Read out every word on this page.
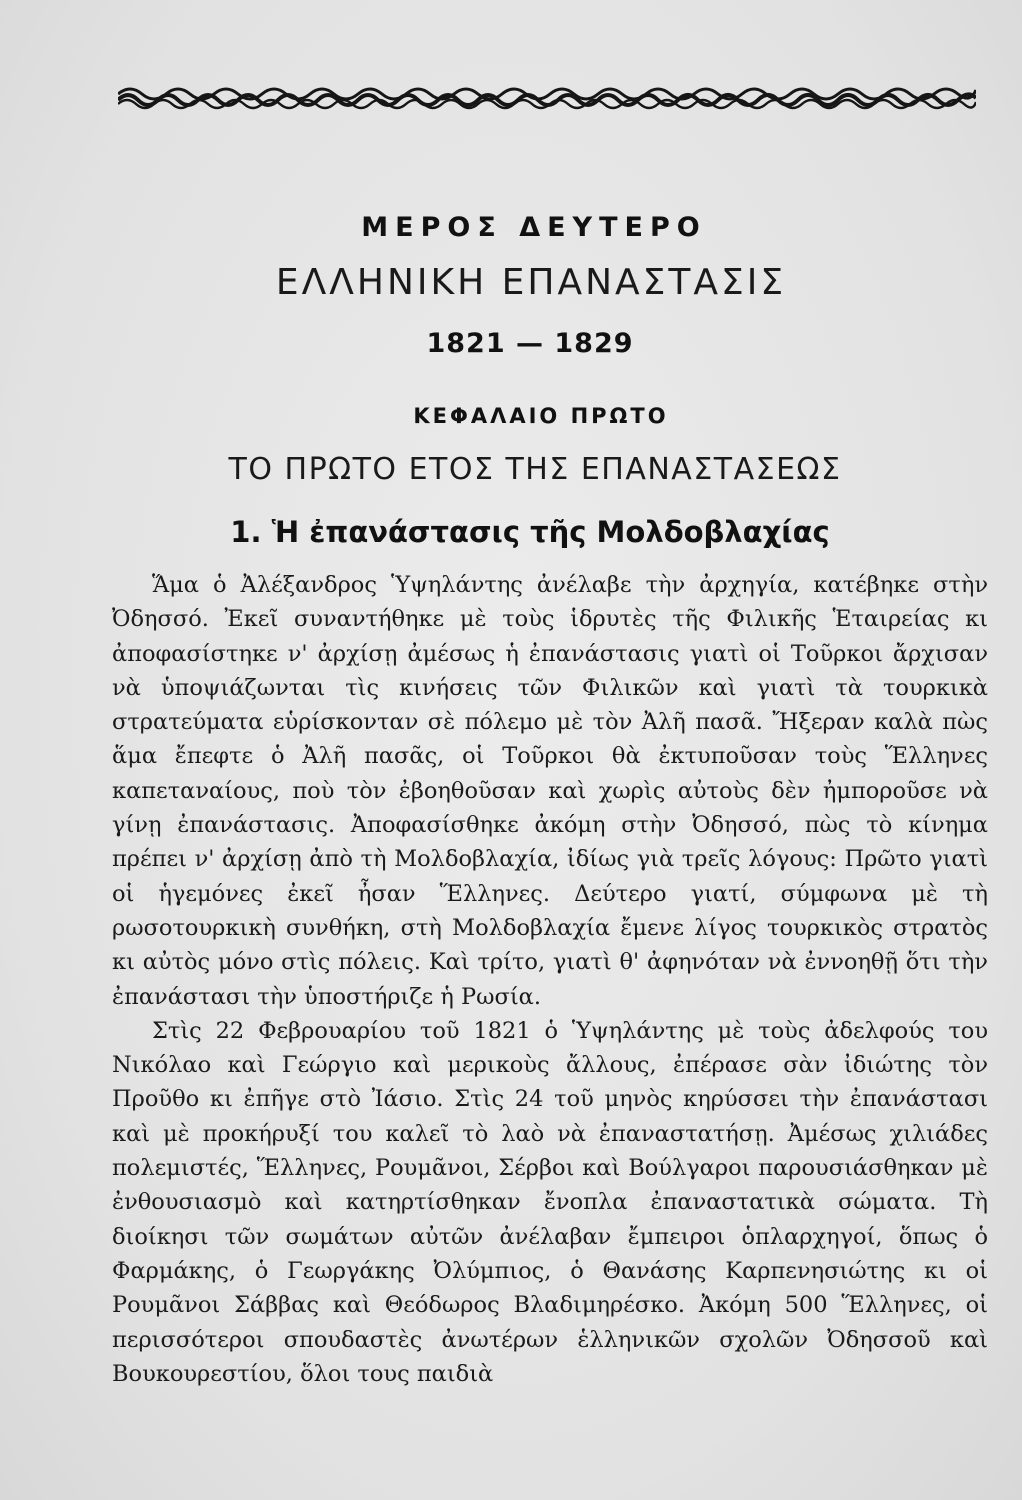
ΜΕΡΟΣ ΔΕΥΤΕΡΟ
ΕΛΛΗΝΙΚΗ ΕΠΑΝΑΣΤΑΣΙΣ
1821 — 1829
ΚΕΦΑΛΑΙΟ ΠΡΩΤΟ
ΤΟ ΠΡΩΤΟ ΕΤΟΣ ΤΗΣ ΕΠΑΝΑΣΤΑΣΕΩΣ
1. Ἡ ἐπανάστασις τῆς Μολδοβλαχίας

Ἅμα ὁ Ἀλέξανδρος Ὑψηλάντης ἀνέλαβε τὴν ἀρχηγία, κατέβηκε στὴν Ὀδησσό. Ἐκεῖ συναντήθηκε μὲ τοὺς ἱδρυτὲς τῆς Φιλικῆς Ἑταιρείας κι ἀποφασίστηκε ν' ἀρχίσῃ ἀμέσως ἡ ἐπανάστασις γιατὶ οἱ Τοῦρκοι ἄρχισαν νὰ ὑποψιάζωνται τὶς κινήσεις τῶν Φιλικῶν καὶ γιατὶ τὰ τουρκικὰ στρατεύματα εὑρίσκονταν σὲ πόλεμο μὲ τὸν Ἀλῆ πασᾶ. Ἤξεραν καλὰ πὼς ἅμα ἔπεφτε ὁ Ἀλῆ πασᾶς, οἱ Τοῦρκοι θὰ ἐκτυποῦσαν τοὺς Ἕλληνες καπεταναίους, ποὺ τὸν ἐβοηθοῦσαν καὶ χωρὶς αὐτοὺς δὲν ἠμποροῦσε νὰ γίνῃ ἐπανάστασις. Ἀποφασίσθηκε ἀκόμη στὴν Ὀδησσό, πὼς τὸ κίνημα πρέπει ν' ἀρχίσῃ ἀπὸ τὴ Μολδοβλαχία, ἰδίως γιὰ τρεῖς λόγους: Πρῶτο γιατὶ οἱ ἡγεμόνες ἐκεῖ ἦσαν Ἕλληνες. Δεύτερο γιατί, σύμφωνα μὲ τὴ ρωσοτουρκικὴ συνθήκη, στὴ Μολδοβλαχία ἔμενε λίγος τουρκικὸς στρατὸς κι αὐτὸς μόνο στὶς πόλεις. Καὶ τρίτο, γιατὶ θ' ἀφηνόταν νὰ ἐννοηθῇ ὅτι τὴν ἐπανάστασι τὴν ὑποστήριζε ἡ Ρωσία.

Στὶς 22 Φεβρουαρίου τοῦ 1821 ὁ Ὑψηλάντης μὲ τοὺς ἀδελφούς του Νικόλαο καὶ Γεώργιο καὶ μερικοὺς ἄλλους, ἐπέρασε σὰν ἰδιώτης τὸν Προῦθο κι ἐπῆγε στὸ Ἰάσιο. Στὶς 24 τοῦ μηνὸς κηρύσσει τὴν ἐπανάστασι καὶ μὲ προκήρυξί του καλεῖ τὸ λαὸ νὰ ἐπαναστατήσῃ. Ἀμέσως χιλιάδες πολεμιστές, Ἕλληνες, Ρουμᾶνοι, Σέρβοι καὶ Βούλγαροι παρουσιάσθηκαν μὲ ἐνθουσιασμὸ καὶ κατηρτίσθηκαν ἔνοπλα ἐπαναστατικὰ σώματα. Τὴ διοίκησι τῶν σωμάτων αὐτῶν ἀνέλαβαν ἔμπειροι ὁπλαρχηγοί, ὅπως ὁ Φαρμάκης, ὁ Γεωργάκης Ὀλύμπιος, ὁ Θανάσης Καρπενησιώτης κι οἱ Ρουμᾶνοι Σάββας καὶ Θεόδωρος Βλαδιμηρέσκο. Ἀκόμη 500 Ἕλληνες, οἱ περισσότεροι σπουδαστὲς ἀνωτέρων ἑλληνικῶν σχολῶν Ὀδησσοῦ καὶ Βουκουρεστίου, ὅλοι τους παιδιὰ
